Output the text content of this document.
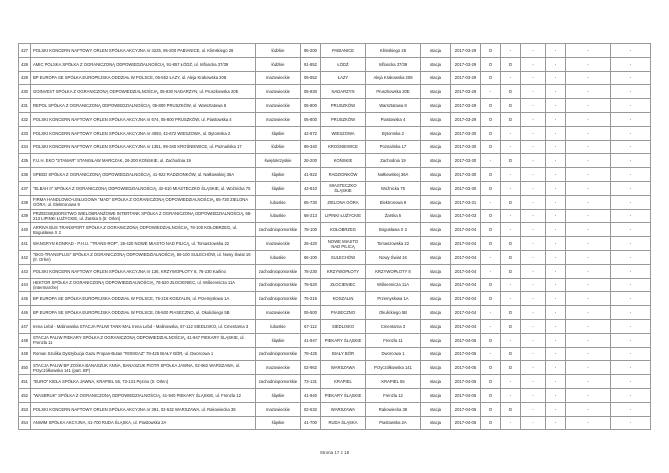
427	POLSKI KONCERN NAFTOWY ORLEN SPÓŁKA AKCYJNA nr 4225, 95-200 PABIANICE, ul. Klimskiego 26	łódzkie	95-200	PABIANICE	Klimskiego 26	stacja	2017-03-29	O	-	-	-	-	-
428	AMIC POLSKA SPÓŁKA Z OGRANICZONĄ ODPOWIEDZIALNOŚCIĄ, 91-857 ŁÓDŹ, ul. Inflancka 37/39	łódzkie	91-852	ŁÓDŹ	Inflancka 37/39	stacja	2017-03-29	O	D	-	-	-	-
429	BP EUROPA SE SPÓŁKA EUROPEJSKA ODDZIAŁ W POLSCE, 05-552 ŁAZY, ul. Aleja Krakowska 208	mazowieckie	05-552	ŁAZY	Aleja Krakowska 208	stacja	2017-03-29	O	-	-	-	-	-
430	GOINVEST SPÓŁKA Z OGRANICZONĄ ODPOWIEDZIALNOŚCIĄ, 05-830 NADARZYN, ul. Pruszkowska 20E	mazowieckie	05-830	NADARZYN	Pruszkowska 20E	stacja	2017-03-29	-	D	-	-	-	-
431	REPOL SPÓŁKA Z OGRANICZONĄ ODPOWIEDZIALNOŚCIĄ, 05-800 PRUSZKÓW, ul. Warsztatowa 8	mazowieckie	05-800	PRUSZKÓW	Warsztatowa 8	stacja	2017-03-29	O	D	-	-	-	-
432	POLSKI KONCERN NAFTOWY ORLEN SPÓŁKA AKCYJNA nr 674, 05-800 PRUSZKÓW, ul. Piastowska 4	mazowieckie	05-800	PRUSZKÓW	Piastowska 4	stacja	2017-03-29	O	D	-	-	-	-
433	POLSKI KONCERN NAFTOWY ORLEN SPÓŁKA AKCYJNA nr 4093, 42-672 WIESZOWA, ul. Bytomska 2	śląskie	42-672	WIESZOWA	Bytomska 2	stacja	2017-03-30	O	-	-	-	-	-
434	POLSKI KONCERN NAFTOWY ORLEN SPÓŁKA AKCYJNA nr 1351, 99-340 KROŚNIEWICE, ul. Poznańska 17	łódzkie	99-340	KROŚNIEWICE	Poznańska 17	stacja	2017-03-30	O	-	-	-	-	-
435	F.U.H. EKO "STAMAR" STANISŁAW MARCZAK, 26-200 KOŃSKIE, ul. Zachodnia 19	świętokrzyskie	26-200	KOŃSKIE	Zachodnia 19	stacja	2017-03-30	-	D	-	-	-	-
436	SPEED SPÓŁKA Z OGRANICZONĄ ODPOWIEDZIALNOŚCIĄ, 41-922 RADZIONKÓW, ul. Nałkowskiej 36A	śląskie	41-922	RADZIONKÓW	Nałkowskiej 36A	stacja	2017-03-30	O	-	-	-	-	-
437	"ELBAH II" SPÓŁKA Z OGRANICZONĄ ODPOWIEDZIALNOŚCIĄ, 42-610 MIASTECZKO ŚLĄSKIE, ul. Woźnicka 75	śląskie	42-610	MIASTECZKO ŚLĄSKIE	Woźnicka 75	stacja	2017-03-30	O	-	-	-	-	-
438	FIRMA HANDLOWO-USŁUGOWA "MAD" SPÓŁKA Z OGRANICZONĄ ODPOWIEDZIALNOŚCIĄ, 65-730 ZIELONA GÓRA, ul. Elektronowa 9	lubuskie	65-730	ZIELONA GÓRA	Elektronowa 9	stacja	2017-03-31	-	D	-	-	-	-
439	PRZEDSIĘBIORSTWO WIELOBRANŻOWE INTERTANK SPÓŁKA Z OGRANICZONĄ ODPOWIEDZIALNOŚCIĄ, 68-213 LIPINKI ŁUŻYCKIE, ul. Żarska 5 (tr. Orlen)	lubuskie	68-213	LIPINKI ŁUŻYCKIE	Żarska 5	stacja	2017-04-03	O	-	-	-	-	-
440	ARRIVA BUS TRANSPORT SPÓŁKA Z OGRANICZONĄ ODPOWIEDZIALNOŚCIĄ, 78-100 KOŁOBRZEG, ul. Bogusława X 2	zachodniopomorskie	78-100	KOŁOBRZEG	Bogusława X 2	stacja	2017-04-04	O	-	-	-	-	-
441	WANGRYN KONRAD - P.H.U. "TRANS-ROP", 26-420 NOWE MIASTO NAD PILICĄ, ul. Tomaszowska 22	mazowieckie	26-420	NOWE MIASTO NAD PILICĄ	Tomaszowska 22	stacja	2017-04-04	O	D	-	-	-	-
442	"EKO-TRANSPLUS" SPÓŁKA Z OGRANICZONĄ ODPOWIEDZIALNOŚCIĄ, 66-100 SULECHÓW, ul. Nowy Świat 16 (tr. Orlen)	lubuskie	66-100	SULECHÓW	Nowy Świat 16	stacja	2017-04-04	-	D	-	-	-	-
443	POLSKI KONCERN NAFTOWY ORLEN SPÓŁKA AKCYJNA nr 136, KRZYWOPŁOTY 8, 78-230 Karlino	zachodniopomorskie	78-230	KRZYWOPŁOTY	KRZYWOPŁOTY 8	stacja	2017-04-04	-	D	-	-	-	-
444	HEKTOR SPÓŁKA Z OGRANICZONĄ ODPOWIEDZIALNOŚCIĄ, 78-520 ZŁOCIENIEC, ul. Wókiennicza 11A (Intermarche)	zachodniopomorskie	78-520	ZŁOCIENIEC	Wókiennicza 11A	stacja	2017-04-04	O	-	-	-	-	-
445	BP EUROPA SE SPÓŁKA EUROPEJSKA ODDZIAŁ W POLSCE, 75-216 KOSZALIN, ul. Przemysłowa 1A	zachodniopomorskie	75-216	KOSZALIN	Przemysłowa 1A	stacja	2017-04-04	O	-	-	-	-	-
446	BP EUROPA SE SPÓŁKA EUROPEJSKA ODDZIAŁ W POLSCE, 05-500 PIASECZNO, ul. Okulickiego 5B	mazowieckie	05-500	PIASECZNO	Okulickiego 5B	stacja	2017-04-04	-	D	-	-	-	-
447	Irena Lebd - Malinowska STACJA PALIW TANK-MAL Irena Lebd - Malinowska, 67-112 SIEDLISKO, ul. Cmentarna 3	lubuskie	67-112	SIEDLISKO	Cmentarna 3	stacja	2017-04-04	-	D	-	-	-	-
448	STACJA PALIW PIEKARY SPÓŁKA Z OGRANICZONĄ ODPOWIEDZIALNOŚCIĄ, 41-947 PIEKARY ŚLĄSKIE, ul. Frenzla 11	śląskie	41-947	PIEKARY ŚLĄSKIE	Frenzla 11	stacja	2017-04-05	O	-	-	-	-	-
449	Roman Szulika Dystrybucja Gazu Propan-Butan "ROMGAZ" 78-425 BIAŁY BÓR, ul. Dworcowa 1	zachodniopomorskie	78-425	BIAŁY BÓR	Dworcowa 1	stacja	2017-04-05	-	D	-	-	-	-
450	STACJA PALIW BP ZOŚKA BANASZUK ANNA, BANASZUK PIOTR SPÓŁKA JAWNA, 02-962 WARSZAWA, ul. Przyczółkowska 141 (part. BP)	mazowieckie	02-962	WARSZAWA	Przyczółkowska 141	stacja	2017-04-05	O	D	-	-	-	-
451	"EURO" KIEŁA SPÓŁKA JAWNA, KRAPIEL 55, 73-131 Pęzino (tr. Orlen)	zachodniopomorskie	73-131	KRAPIEL	KRAPIEL 55	stacja	2017-04-05	O	-	-	-	-	-
452	"WASBRUK" SPÓŁKA Z OGRANICZONĄ ODPOWIEDZIALNOŚCIĄ, 41-940 PIEKARY ŚLĄSKIE, ul. Frenzla 12	śląskie	41-940	PIEKARY ŚLĄSKIE	Frenzla 12	stacja	2017-04-05	O	-	-	-	-	-
453	POLSKI KONCERN NAFTOWY ORLEN SPÓŁKA AKCYJNA nr 391, 02-532 WARSZAWA, ul. Rakowiecka 38	mazowieckie	02-532	WARSZAWA	Rakowiecka 38	stacja	2017-04-05	O	D	-	-	-	-
454	ANWIM SPÓŁKA AKCYJNA, 41-700 RUDA ŚLĄSKA, ul. Piastowska 2A	śląskie	41-700	RUDA ŚLĄSKA	Piastowska 2A	stacja	2017-04-05	O	-	-	-	-	-
Strona 17 z 18
